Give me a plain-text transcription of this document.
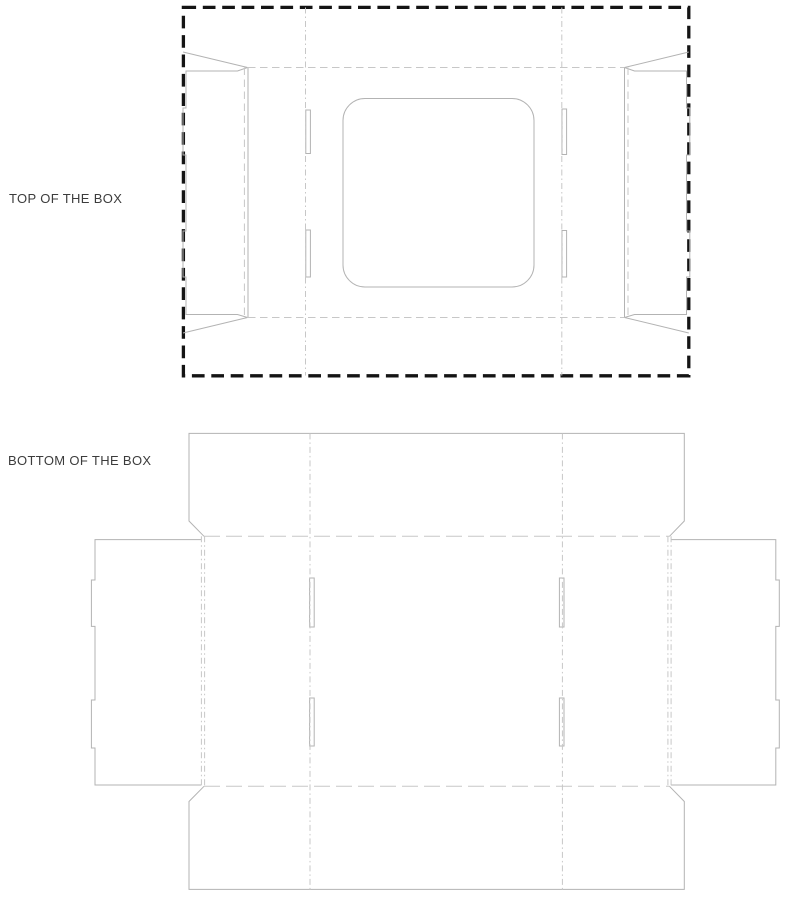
TOP OF THE BOX
BOTTOM OF THE BOX
